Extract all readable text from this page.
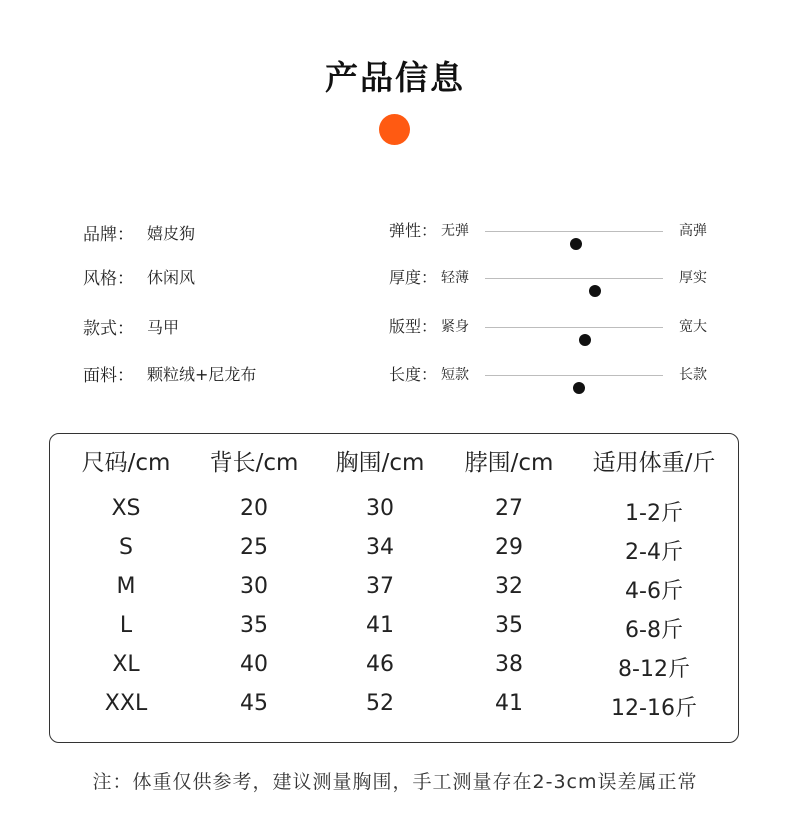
产品信息
品牌： 嬉皮狗
风格： 休闲风
款式： 马甲
面料： 颗粒绒+尼龙布
弹性： 无弹	高弹
厚度： 轻薄	厚实
版型： 紧身	宽大
长度： 短款	长款
尺码/cm	背长/cm	胸围/cm	脖围/cm	适用体重/斤
XS	20	30	27	1-2斤
S	25	34	29	2-4斤
M	30	37	32	4-6斤
L	35	41	35	6-8斤
XL	40	46	38	8-12斤
XXL	45	52	41	12-16斤
注：体重仅供参考，建议测量胸围，手工测量存在2-3cm误差属正常
